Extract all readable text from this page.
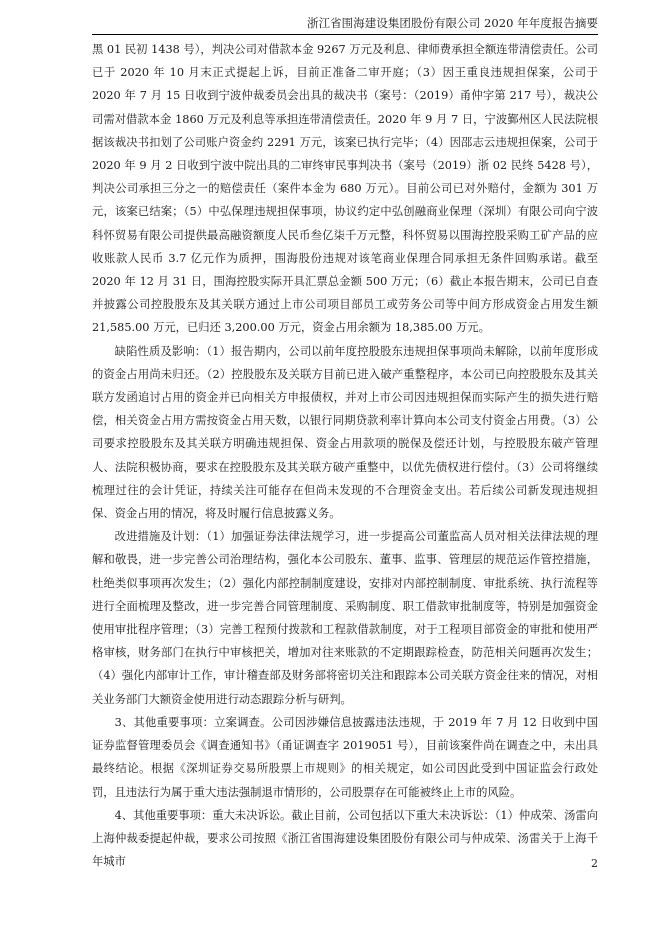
浙江省围海建设集团股份有限公司 2020 年年度报告摘要

黑 01 民初 1438 号），判决公司对借款本金 9267 万元及利息、律师费承担全额连带清偿责任。公司已于 2020 年 10 月末正式提起上诉，目前正准备二审开庭；（3）因王重良违规担保案，公司于 2020 年 7 月 15 日收到宁波仲裁委员会出具的裁决书（案号：（2019）甬仲字第 217 号），裁决公司需对借款本金 1860 万元及利息等承担连带清偿责任。2020 年 9 月 7 日，宁波鄞州区人民法院根据该裁决书扣划了公司账户资金约 2291 万元，该案已执行完毕；（4）因邵志云违规担保案，公司于 2020 年 9 月 2 日收到宁波中院出具的二审终审民事判决书（案号（2019）浙 02 民终 5428 号），判决公司承担三分之一的赔偿责任（案件本金为 680 万元）。目前公司已对外赔付，金额为 301 万元，该案已结案；（5）中弘保理违规担保事项，协议约定中弘创融商业保理（深圳）有限公司向宁波科怀贸易有限公司提供最高融资额度人民币叁亿柒千万元整，科怀贸易以围海控股采购工矿产品的应收账款人民币 3.7 亿元作为质押，围海股份违规对该笔商业保理合同承担无条件回购承诺。截至 2020 年 12 月 31 日，围海控股实际开具汇票总金额 500 万元；（6）截止本报告期末，公司已自查并披露公司控股股东及其关联方通过上市公司项目部员工或劳务公司等中间方形成资金占用发生额 21,585.00 万元，已归还 3,200.00 万元，资金占用余额为 18,385.00 万元。

缺陷性质及影响：（1）报告期内，公司以前年度控股股东违规担保事项尚未解除，以前年度形成的资金占用尚未归还。（2）控股股东及关联方目前已进入破产重整程序，本公司已向控股股东及其关联方发函追讨占用的资金并已向相关方申报债权，并对上市公司因违规担保而实际产生的损失进行赔偿，相关资金占用方需按资金占用天数，以银行同期贷款利率计算向本公司支付资金占用费。（3）公司要求控股股东及其关联方明确违规担保、资金占用款项的脱保及偿还计划，与控股股东破产管理人、法院积极协商，要求在控股股东及其关联方破产重整中，以优先债权进行偿付。（3）公司将继续梳理过往的会计凭证，持续关注可能存在但尚未发现的不合理资金支出。若后续公司新发现违规担保、资金占用的情况，将及时履行信息披露义务。

改进措施及计划：（1）加强证券法律法规学习，进一步提高公司董监高人员对相关法律法规的理解和敬畏，进一步完善公司治理结构，强化本公司股东、董事、监事、管理层的规范运作管控措施，杜绝类似事项再次发生；（2）强化内部控制制度建设，安排对内部控制制度、审批系统、执行流程等进行全面梳理及整改，进一步完善合同管理制度、采购制度、职工借款审批制度等，特别是加强资金使用审批程序管理；（3）完善工程预付拨款和工程款借款制度，对于工程项目部资金的审批和使用严格审核，财务部门在执行中审核把关，增加对往来账款的不定期跟踪检查，防范相关问题再次发生；（4）强化内部审计工作，审计稽查部及财务部将密切关注和跟踪本公司关联方资金往来的情况，对相关业务部门大额资金使用进行动态跟踪分析与研判。

3、其他重要事项：立案调查。公司因涉嫌信息披露违法违规，于 2019 年 7 月 12 日收到中国证券监督管理委员会《调查通知书》（甬证调查字 2019051 号），目前该案件尚在调查之中，未出具最终结论。根据《深圳证券交易所股票上市规则》的相关规定，如公司因此受到中国证监会行政处罚，且违法行为属于重大违法强制退市情形的，公司股票存在可能被终止上市的风险。

4、其他重要事项：重大未决诉讼。截止目前，公司包括以下重大未决诉讼：（1）仲成荣、汤雷向上海仲裁委提起仲裁，要求公司按照《浙江省围海建设集团股份有限公司与仲成荣、汤雷关于上海千年城市	2
